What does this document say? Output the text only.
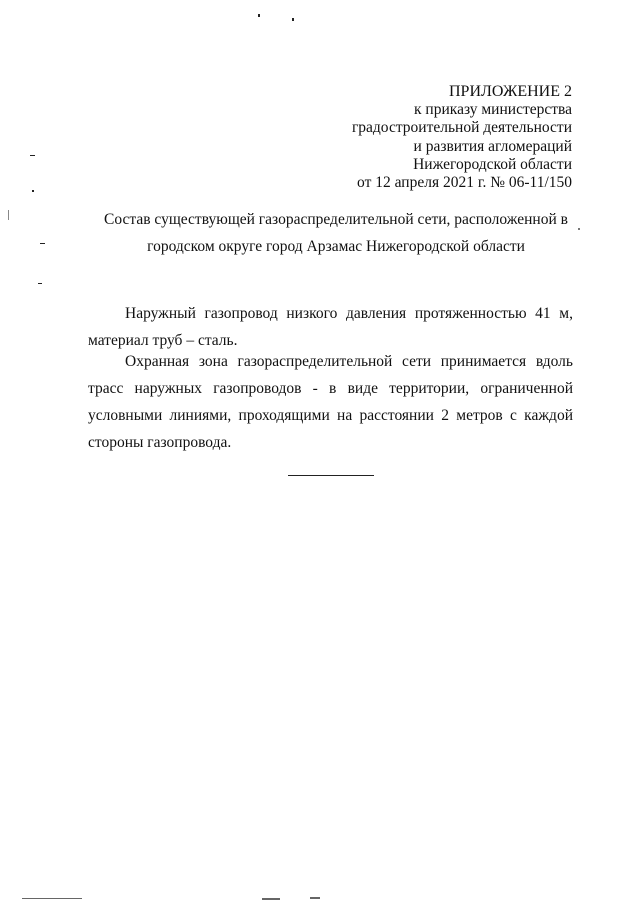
ПРИЛОЖЕНИЕ 2
к приказу министерства
градостроительной деятельности
и развития агломераций
Нижегородской области
от 12 апреля 2021 г. № 06-11/150
Состав существующей газораспределительной сети, расположенной в
городском округе город Арзамас Нижегородской области

Наружный газопровод низкого давления протяженностью 41 м, материал труб – сталь.

Охранная зона газораспределительной сети принимается вдоль трасс наружных газопроводов - в виде территории, ограниченной условными линиями, проходящими на расстоянии 2 метров с каждой стороны газопровода.
